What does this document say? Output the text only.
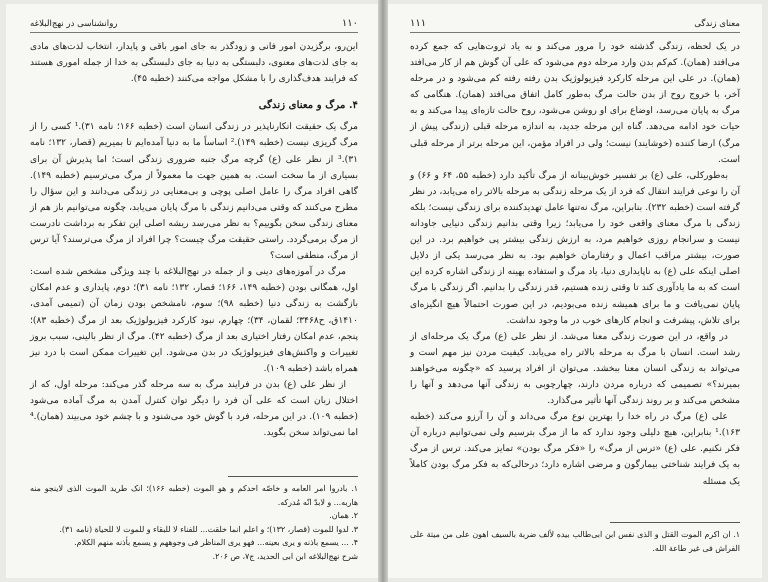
۱۱۰
روانشناسی در نهج‌البلاغه

این‌رو، برگزیدن امور فانی و زودگذر به جای امور باقی و پایدار، انتخاب لذت‌های مادی به جای لذت‌های معنوی، دلبستگی به دنیا به جای دلبستگی به خدا از جمله اموری هستند که فرایند هدف‌گذاری را با مشکل مواجه می‌کنند (خطبه ۴۵).

۴. مرگ و معنای زندگی

مرگ یک حقیقت انکارناپذیر در زندگی انسان است (خطبه ۱۶۶؛ نامه ۳۱).¹ کسی را از مرگ گریزی نیست (خطبه ۱۴۹).² اساساً ما به دنیا آمده‌ایم تا بمیریم (قصار، ۱۳۲؛ نامه ۳۱).³ از نظر علی (ع) گرچه مرگ جنبه ضروری زندگی است؛ اما پذیرش آن برای بسیاری از ما سخت است. به همین جهت ما معمولاً از مرگ می‌ترسیم (خطبه ۱۴۹). گاهی افراد مرگ را عامل اصلی پوچی و بی‌معنایی در زندگی می‌دانند و این سؤال را مطرح می‌کنند که وقتی می‌دانیم زندگی با مرگ پایان می‌یابد، چگونه می‌توانیم باز هم از معنای زندگی سخن بگوییم؟ به نظر می‌رسد ریشه اصلی این تفکر به برداشت نادرست از مرگ برمی‌گردد. راستی حقیقت مرگ چیست؟ چرا افراد از مرگ می‌ترسند؟ آیا ترس از مرگ، منطقی است؟

مرگ در آموزه‌های دینی و از جمله در نهج‌البلاغه با چند ویژگی مشخص شده است: اول، همگانی بودن (خطبه ۱۴۹، ۱۶۶؛ قصار، ۱۳۲؛ نامه ۳۱)؛ دوم، پایداری و عدم امکان بازگشت به زندگی دنیا (خطبه ۹۸)؛ سوم، نامشخص بودن زمان آن (تمیمی آمدی، ۱۴۱۰ق، ح۳۴۶۸؛ لقمان، ۳۴)؛ چهارم، نبود کارکرد فیزیولوژیک بعد از مرگ (خطبه ۸۳)؛ پنجم، عدم امکان رفتار اختیاری بعد از مرگ (خطبه ۴۲). مرگ از نظر بالینی، سبب بروز تغییرات و واکنش‌های فیزیولوژیک در بدن می‌شود. این تغییرات ممکن است با درد نیز همراه باشد (خطبه ۱۰۹).

از نظر علی (ع) بدن در فرایند مرگ به سه مرحله گذر می‌کند: مرحله اول، که از اختلال زبان است که علی آن فرد را دیگر توان کنترل آمدن به مرگ آماده می‌شود (خطبه ۱۰۹). در این مرحله، فرد با گوش خود می‌شنود و با چشم خود می‌بیند (همان).⁴ اما نمی‌تواند سخن بگوید.

۱. بادروا امر العامه و خاصّه احدکم و هو الموت (خطبه ۱۶۶)؛ انک طرید الموت الذی لاینجو منه هاربه... و لابدّ انّه مُدرکه.

۲. همان.

۳. لدوا للموت (قصار، ۱۳۲)؛ و اعلم انما خلقت... للفناء لا للبقاء و للموت لا للحیاة (نامه ۳۱).

۴. ... یسمع باذنه و یری بعینه... فهو یری المناظر فی وجوههم و یسمع بأذنه منهم الکلام.

شرح نهج‌البلاغه ابن ابی الحدید، ج۷، ص ۲۰۶.

معنای زندگی
۱۱۱

در یک لحظه، زندگی گذشته خود را مرور می‌کند و به یاد ثروت‌هایی که جمع کرده می‌افتد (همان). کم‌کم بدن وارد مرحله دوم می‌شود که علی آن گوش هم از کار می‌افتد (همان). در علی این مرحله کارکرد فیزیولوژیک بدن رفته رفته کم می‌شود و در مرحله آخر، با خروج روح از بدن حالت مرگ به‌طور کامل اتفاق می‌افتد (همان). هنگامی که مرگ به پایان می‌رسد، اوضاع برای او روشن می‌شود، روح حالت تازه‌ای پیدا می‌کند و به حیات خود ادامه می‌دهد. گناه این مرحله جدید، به اندازه مرحله قبلی (زندگی پیش از مرگ) ارضا کننده (خوشایند) نیست؛ ولی در افراد مؤمن، این مرحله برتر از مرحله قبلی است.

به‌طورکلی، علی (ع) بر تفسیر خوش‌بینانه از مرگ تأکید دارد (خطبه ۵۵، ۶۴ و ۶۶) و آن را نوعی فرایند انتقال که فرد از یک مرحله زندگی به مرحله بالاتر راه می‌یابد، در نظر گرفته است (خطبه ۲۳۲). بنابراین، مرگ نه‌تنها عامل تهدیدکننده برای زندگی نیست؛ بلکه زندگی با مرگ معنای واقعی خود را می‌یابد؛ زیرا وقتی بدانیم زندگی دنیایی جاودانه نیست و سرانجام روزی خواهیم مرد، به ارزش زندگی بیشتر پی خواهیم برد. در این صورت، بیشتر مراقب اعمال و رفتارمان خواهیم بود. به نظر می‌رسد یکی از دلایل اصلی اینکه علی (ع) به ناپایداری دنیا، یاد مرگ و استفاده بهینه از زندگی اشاره کرده این است که به ما یادآوری کند تا وقتی زنده هستیم، قدر زندگی را بدانیم. اگر زندگی با مرگ پایان نمی‌یافت و ما برای همیشه زنده می‌بودیم، در این صورت احتمالاً هیچ انگیزه‌ای برای تلاش، پیشرفت و انجام کارهای خوب در ما وجود نداشت.

در واقع، در این صورت زندگی معنا می‌شد. از نظر علی (ع) مرگ یک مرحله‌ای از رشد است. انسان با مرگ به مرحله بالاتر راه می‌یابد. کیفیت مردن نیز مهم است و می‌تواند به زندگی انسان معنا ببخشد. می‌توان از افراد پرسید که «چگونه می‌خواهند بمیرند؟» تصمیمی که درباره مردن دارند، چهارچوبی به زندگی آنها می‌دهد و آنها را مشخص می‌کند و بر روند زندگی آنها تأثیر می‌گذارد.

علی (ع) مرگ در راه خدا را بهترین نوع مرگ می‌داند و آن را آرزو می‌کند (خطبه ۱۶۳).¹ بنابراین، هیچ دلیلی وجود ندارد که ما از مرگ بترسیم ولی نمی‌توانیم درباره آن فکر نکنیم. علی (ع) «ترس از مرگ» را «فکر مرگ بودن» تمایز می‌کند. ترس از مرگ به یک فرایند شناختی بیمارگون و مرضی اشاره دارد؛ درحالی‌که به فکر مرگ بودن کاملاً یک مسئله

۱. ان اکرم الموت القتل و الذی نفس ابن ابی‌طالب بیده لألف ضربة بالسیف اهون علی من میتة علی الفراش فی غیر طاعة الله.
